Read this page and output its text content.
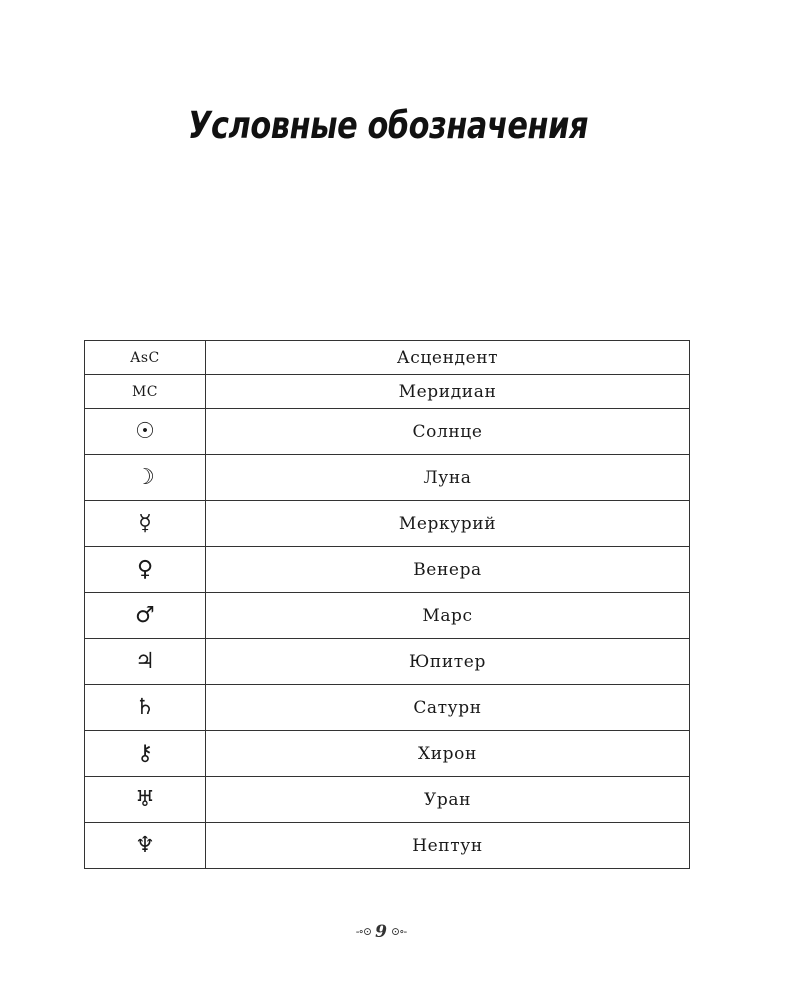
Условные обозначения
AsC	Асцендент
MC	Меридиан
☉	Солнце
☽	Луна
☿	Меркурий
♀	Венера
♂	Марс
♃	Юпитер
♄	Сатурн
⚷	Хирон
♅	Уран
♆	Нептун
-∘⊙ 9 ⊙∘-
